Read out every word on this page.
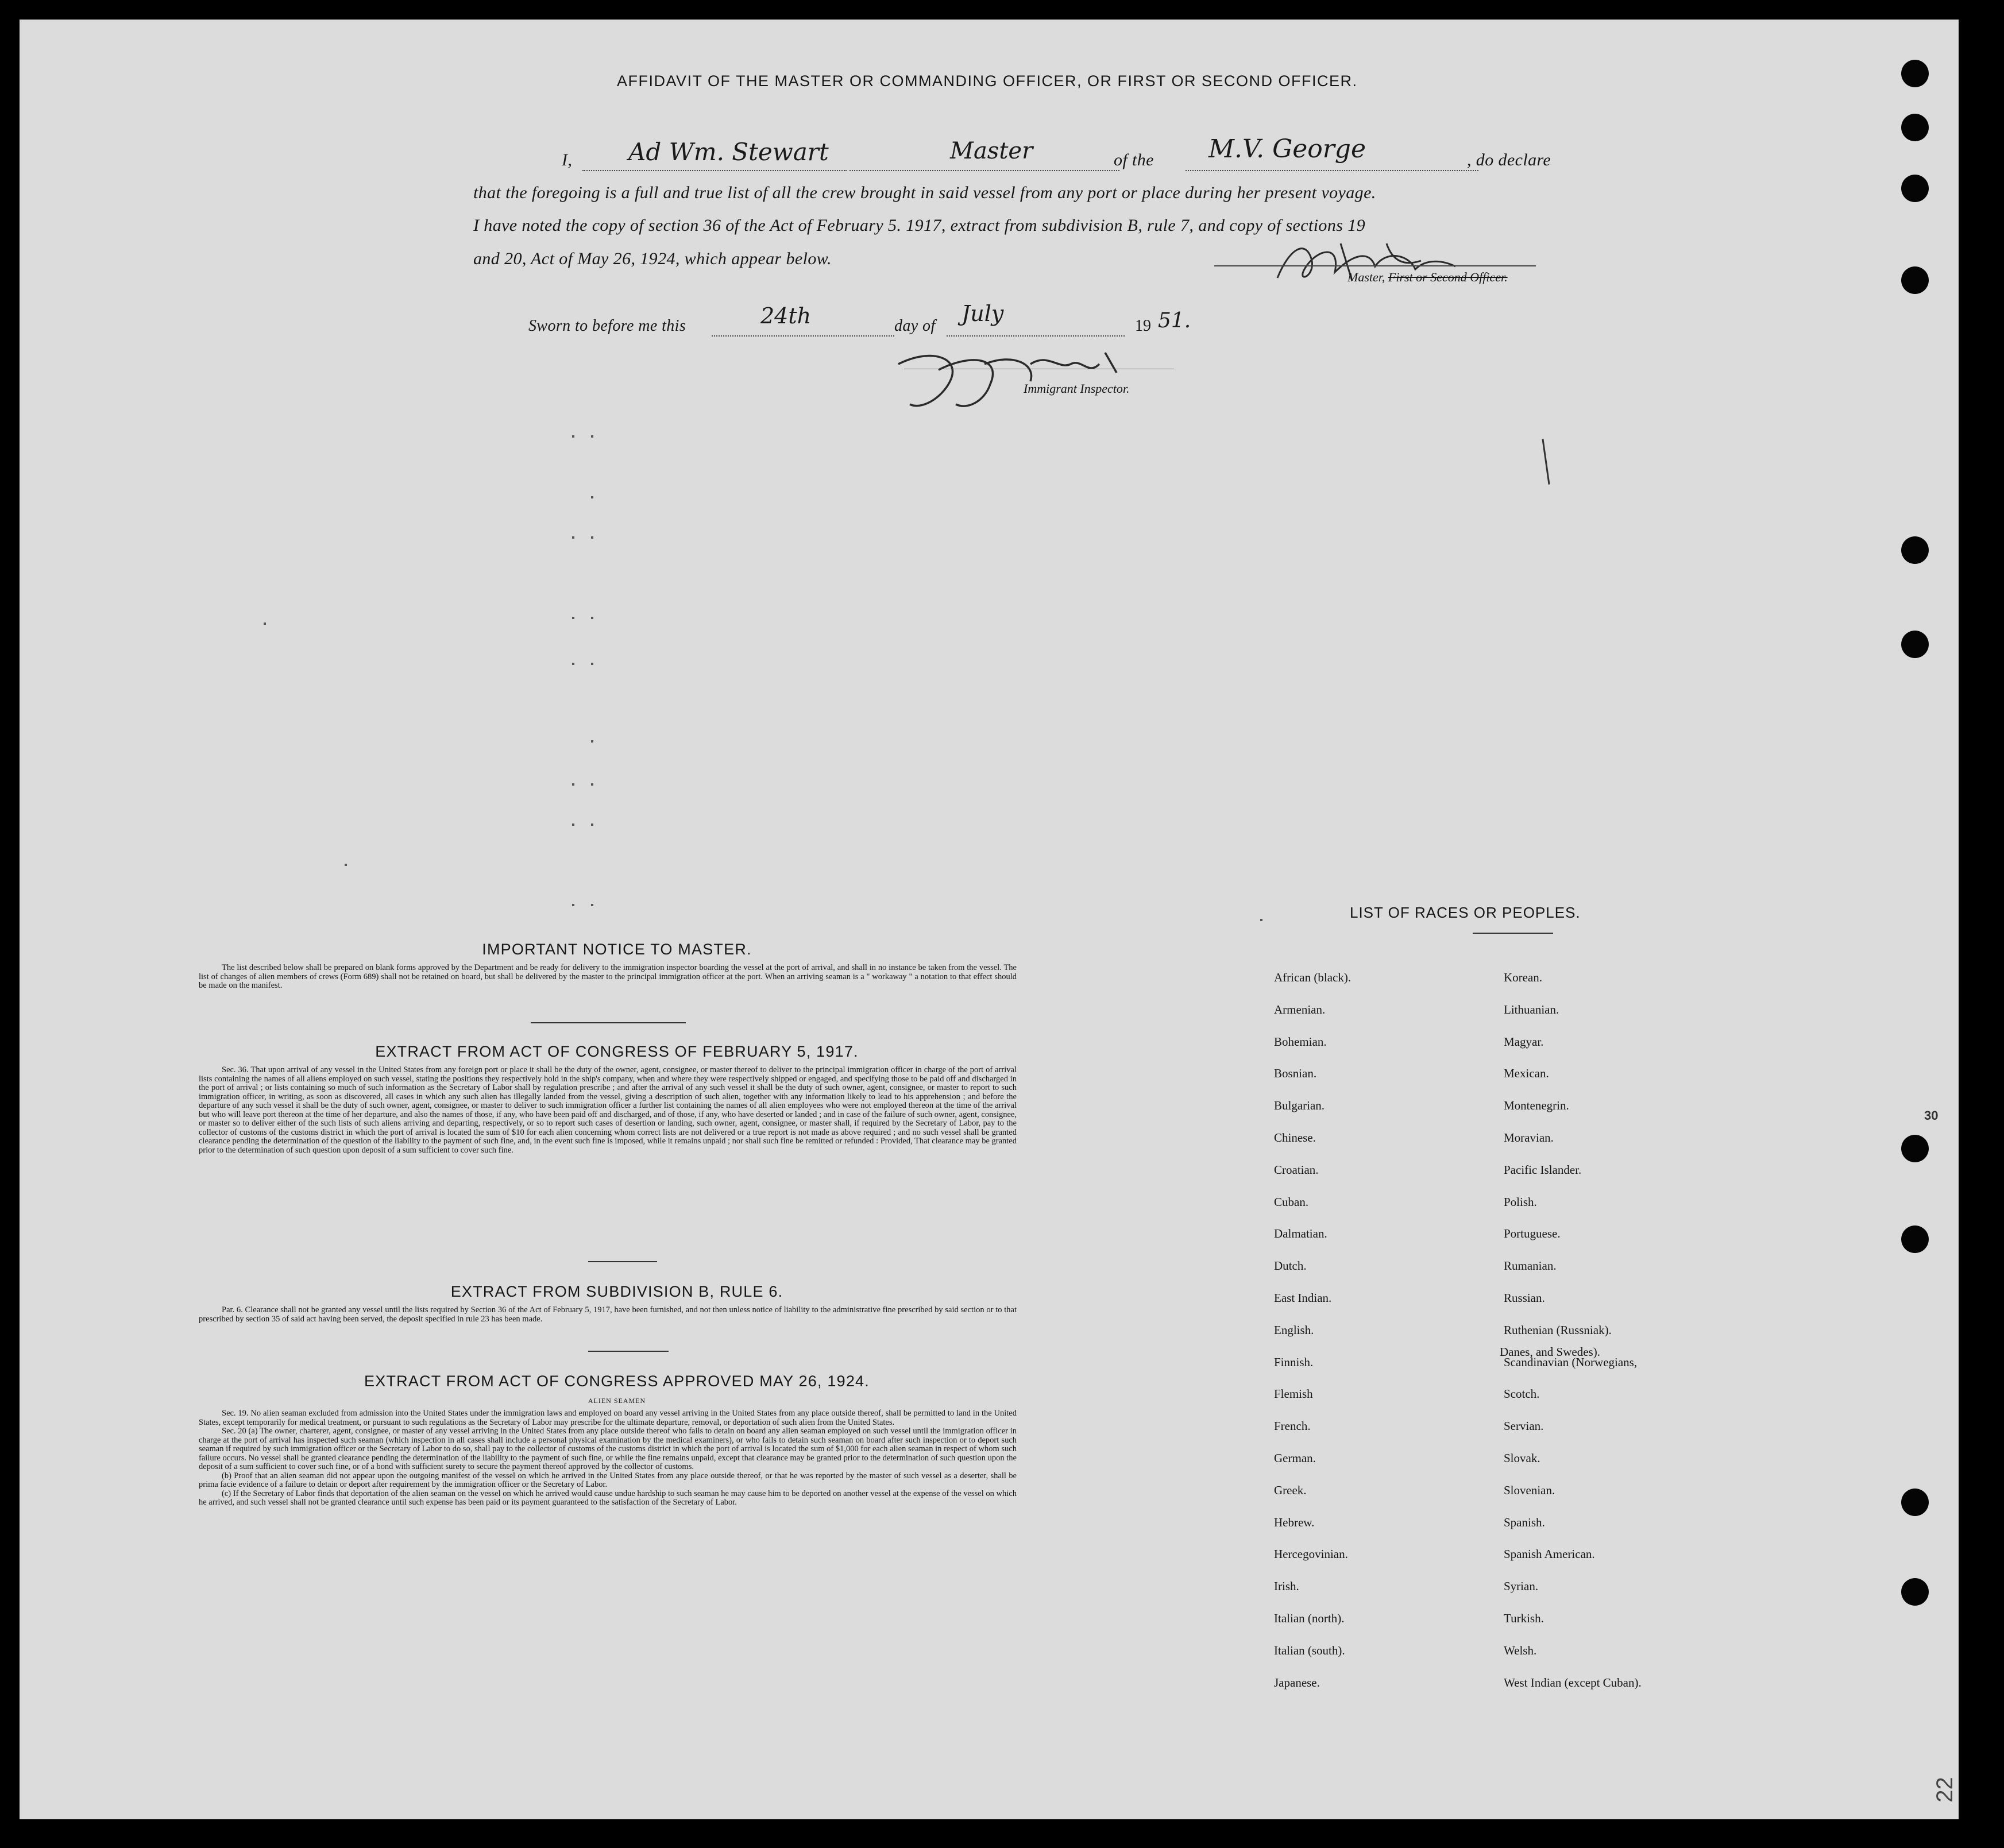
AFFIDAVIT OF THE MASTER OR COMMANDING OFFICER, OR FIRST OR SECOND OFFICER.
I, Ad Wm. Stewart	Master	of the M.V. George	, do declare
that the foregoing is a full and true list of all the crew brought in said vessel from any port or place during her present voyage.
I have noted the copy of section 36 of the Act of February 5. 1917, extract from subdivision B, rule 7, and copy of sections 19
and 20, Act of May 26, 1924, which appear below.
Master, First or Second Officer.
Sworn to before me this	24th	day of July	19 51.
Immigrant Inspector.
IMPORTANT NOTICE TO MASTER.
The list described below shall be prepared on blank forms approved by the Department and be ready for delivery to the immigration inspector boarding the vessel at the port of arrival, and shall in no instance be taken from the vessel. The list of changes of alien members of crews (Form 689) shall not be retained on board, but shall be delivered by the master to the principal immigration officer at the port. When an arriving seaman is a " workaway " a notation to that effect should be made on the manifest.
EXTRACT FROM ACT OF CONGRESS OF FEBRUARY 5, 1917.
Sec. 36. That upon arrival of any vessel in the United States from any foreign port or place it shall be the duty of the owner, agent, consignee, or master thereof to deliver to the principal immigration officer in charge of the port of arrival lists containing the names of all aliens employed on such vessel, stating the positions they respectively hold in the ship's company, when and where they were respectively shipped or engaged, and specifying those to be paid off and discharged in the port of arrival ; or lists containing so much of such information as the Secretary of Labor shall by regulation prescribe ; and after the arrival of any such vessel it shall be the duty of such owner, agent, consignee, or master to report to such immigration officer, in writing, as soon as discovered, all cases in which any such alien has illegally landed from the vessel, giving a description of such alien, together with any information likely to lead to his apprehension ; and before the departure of any such vessel it shall be the duty of such owner, agent, consignee, or master to deliver to such immigration officer a further list containing the names of all alien employees who were not employed thereon at the time of the arrival but who will leave port thereon at the time of her departure, and also the names of those, if any, who have been paid off and discharged, and of those, if any, who have deserted or landed ; and in case of the failure of such owner, agent, consignee, or master so to deliver either of the such lists of such aliens arriving and departing, respectively, or so to report such cases of desertion or landing, such owner, agent, consignee, or master shall, if required by the Secretary of Labor, pay to the collector of customs of the customs district in which the port of arrival is located the sum of $10 for each alien concerning whom correct lists are not delivered or a true report is not made as above required ; and no such vessel shall be granted clearance pending the determination of the question of the liability to the payment of such fine, and, in the event such fine is imposed, while it remains unpaid ; nor shall such fine be remitted or refunded : Provided, That clearance may be granted prior to the determination of such question upon deposit of a sum sufficient to cover such fine.
EXTRACT FROM SUBDIVISION B, RULE 6.
Par. 6. Clearance shall not be granted any vessel until the lists required by Section 36 of the Act of February 5, 1917, have been furnished, and not then unless notice of liability to the administrative fine prescribed by said section or to that prescribed by section 35 of said act having been served, the deposit specified in rule 23 has been made.
EXTRACT FROM ACT OF CONGRESS APPROVED MAY 26, 1924.
ALIEN SEAMEN
Sec. 19. No alien seaman excluded from admission into the United States under the immigration laws and employed on board any vessel arriving in the United States from any place outside thereof, shall be permitted to land in the United States, except temporarily for medical treatment, or pursuant to such regulations as the Secretary of Labor may prescribe for the ultimate departure, removal, or deportation of such alien from the United States.
Sec. 20 (a) The owner, charterer, agent, consignee, or master of any vessel arriving in the United States from any place outside thereof who fails to detain on board any alien seaman employed on such vessel until the immigration officer in charge at the port of arrival has inspected such seaman (which inspection in all cases shall include a personal physical examination by the medical examiners), or who fails to detain such seaman on board after such inspection or to deport such seaman if required by such immigration officer or the Secretary of Labor to do so, shall pay to the collector of customs of the customs district in which the port of arrival is located the sum of $1,000 for each alien seaman in respect of whom such failure occurs. No vessel shall be granted clearance pending the determination of the liability to the payment of such fine, or while the fine remains unpaid, except that clearance may be granted prior to the determination of such question upon the deposit of a sum sufficient to cover such fine, or of a bond with sufficient surety to secure the payment thereof approved by the collector of customs.
(b) Proof that an alien seaman did not appear upon the outgoing manifest of the vessel on which he arrived in the United States from any place outside thereof, or that he was reported by the master of such vessel as a deserter, shall be prima facie evidence of a failure to detain or deport after requirement by the immigration officer or the Secretary of Labor.
(c) If the Secretary of Labor finds that deportation of the alien seaman on the vessel on which he arrived would cause undue hardship to such seaman he may cause him to be deported on another vessel at the expense of the vessel on which he arrived, and such vessel shall not be granted clearance until such expense has been paid or its payment guaranteed to the satisfaction of the Secretary of Labor.
LIST OF RACES OR PEOPLES.
African (black).
Armenian.
Bohemian.
Bosnian.
Bulgarian.
Chinese.
Croatian.
Cuban.
Dalmatian.
Dutch.
East Indian.
English.
Finnish.
Flemish
French.
German.
Greek.
Hebrew.
Hercegovinian.
Irish.
Italian (north).
Italian (south).
Japanese.
Korean.
Lithuanian.
Magyar.
Mexican.
Montenegrin.
Moravian.
Pacific Islander.
Polish.
Portuguese.
Rumanian.
Russian.
Ruthenian (Russniak).
Scandinavian (Norwegians,
Scotch.
Servian.
Slovak.
Slovenian.
Spanish.
Spanish American.
Syrian.
Turkish.
Welsh.
West Indian (except Cuban).
Danes, and Swedes).
30
22
